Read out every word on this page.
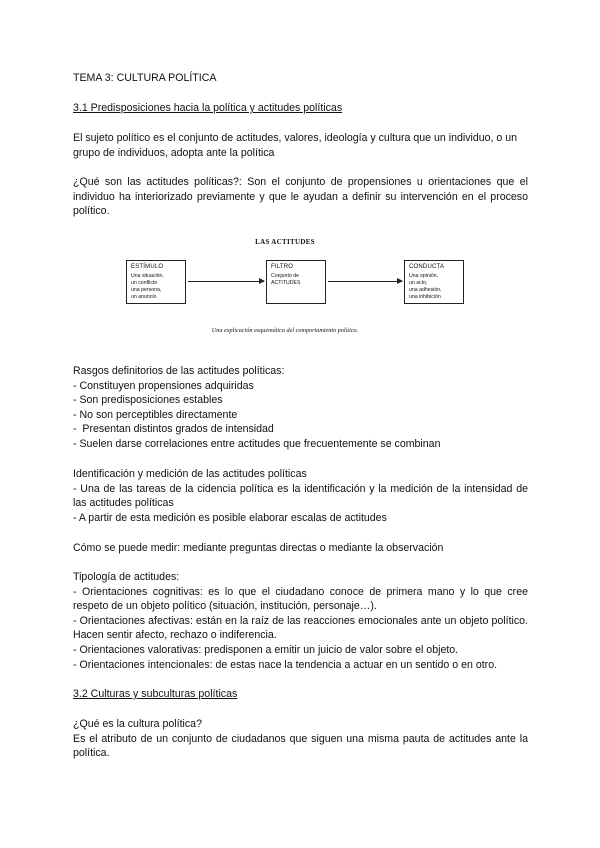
TEMA 3: CULTURA POLÍTICA

3.1 Predisposiciones hacia la política y actitudes políticas

El sujeto político es el conjunto de actitudes, valores, ideología y cultura que un individuo, o un grupo de individuos, adopta ante la política

¿Qué son las actitudes políticas?: Son el conjunto de propensiones u orientaciones que el individuo ha interiorizado previamente y que le ayudan a definir su intervención en el proceso político.

LAS ACTITUDES
ESTÍMULO
Una situación,
un conflicto
una persona,
un anuncio
FILTRO
Conjunto de
ACTITUDES
CONDUCTA
Una opinión,
un acto,
una adhesión,
una inhibición
Una explicación esquemática del comportamiento político.
Rasgos definitorios de las actitudes políticas:
- Constituyen propensiones adquiridas
- Son predisposiciones estables
- No son perceptibles directamente
-  Presentan distintos grados de intensidad
- Suelen darse correlaciones entre actitudes que frecuentemente se combinan
Identificación y medición de las actitudes políticas
- Una de las tareas de la cidencia política es la identificación y la medición de la intensidad de las actitudes políticas
- A partir de esta medición es posible elaborar escalas de actitudes

Cómo se puede medir: mediante preguntas directas o mediante la observación

Tipología de actitudes:
- Orientaciones cognitivas: es lo que el ciudadano conoce de primera mano y lo que cree respeto de un objeto político (situación, institución, personaje…).
- Orientaciones afectivas: están en la raíz de las reacciones emocionales ante un objeto político. Hacen sentir afecto, rechazo o indiferencia.
- Orientaciones valorativas: predisponen a emitir un juicio de valor sobre el objeto.
- Orientaciones intencionales: de estas nace la tendencia a actuar en un sentido o en otro.

3.2 Culturas y subculturas políticas

¿Qué es la cultura política?
Es el atributo de un conjunto de ciudadanos que siguen una misma pauta de actitudes ante la política.
